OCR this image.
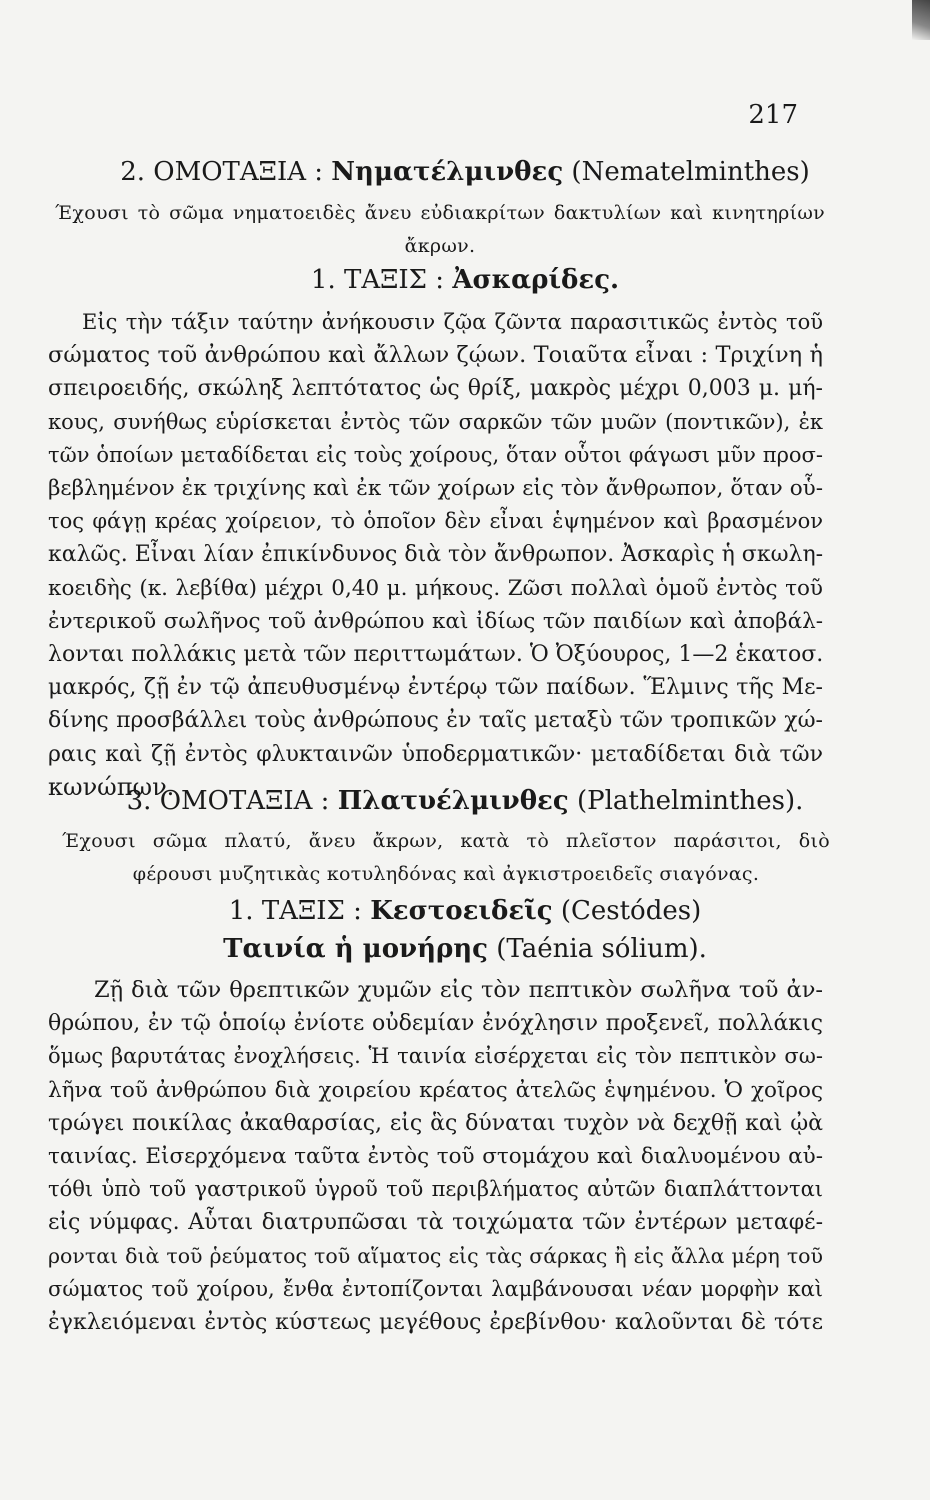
217
2. ΟΜΟΤΑΞΙΑ : Νηματέλμινθες (Nematelminthes)
Έχουσι τὸ σῶμα νηματοειδὲς ἄνευ εὐδιακρίτων δακτυλίων καὶ κινητηρίων
ἄκρων.
1. ΤΑΞΙΣ : Ἀσκαρίδες.
Εἰς τὴν τάξιν ταύτην ἀνήκουσιν ζῷα ζῶντα παρασιτικῶς ἐντὸς τοῦ
σώματος τοῦ ἀνθρώπου καὶ ἄλλων ζῴων. Τοιαῦτα εἶναι : Τριχίνη ἡ
σπειροειδής, σκώληξ λεπτότατος ὡς θρίξ, μακρὸς μέχρι 0,003 μ. μή-
κους, συνήθως εὑρίσκεται ἐντὸς τῶν σαρκῶν τῶν μυῶν (ποντικῶν), ἐκ
τῶν ὁποίων μεταδίδεται εἰς τοὺς χοίρους, ὅταν οὗτοι φάγωσι μῦν προσ-
βεβλημένον ἐκ τριχίνης καὶ ἐκ τῶν χοίρων εἰς τὸν ἄνθρωπον, ὅταν οὗ-
τος φάγῃ κρέας χοίρειον, τὸ ὁποῖον δὲν εἶναι ἑψημένον καὶ βρασμένον
καλῶς. Εἶναι λίαν ἐπικίνδυνος διὰ τὸν ἄνθρωπον. Ἀσκαρὶς ἡ σκωλη-
κοειδὴς (κ. λεβίθα) μέχρι 0,40 μ. μήκους. Ζῶσι πολλαὶ ὁμοῦ ἐντὸς τοῦ
ἐντερικοῦ σωλῆνος τοῦ ἀνθρώπου καὶ ἰδίως τῶν παιδίων καὶ ἀποβάλ-
λονται πολλάκις μετὰ τῶν περιττωμάτων. Ὁ Ὀξύουρος, 1—2 ἑκατοσ.
μακρός, ζῇ ἐν τῷ ἀπευθυσμένῳ ἐντέρῳ τῶν παίδων. Ἕλμινς τῆς Με-
δίνης προσβάλλει τοὺς ἀνθρώπους ἐν ταῖς μεταξὺ τῶν τροπικῶν χώ-
ραις καὶ ζῇ ἐντὸς φλυκταινῶν ὑποδερματικῶν· μεταδίδεται διὰ τῶν
κωνώπων.
3. ΟΜΟΤΑΞΙΑ : Πλατυέλμινθες (Plathelminthes).
Έχουσι σῶμα πλατύ, ἄνευ ἄκρων, κατὰ τὸ πλεῖστον παράσιτοι, διὸ
φέρουσι μυζητικὰς κοτυληδόνας καὶ ἀγκιστροειδεῖς σιαγόνας.
1. ΤΑΞΙΣ : Κεστοειδεῖς (Cestódes)
Ταινία ἡ μονήρης (Taénia sólium).
Ζῇ διὰ τῶν θρεπτικῶν χυμῶν εἰς τὸν πεπτικὸν σωλῆνα τοῦ ἀν-
θρώπου, ἐν τῷ ὁποίῳ ἐνίοτε οὐδεμίαν ἐνόχλησιν προξενεῖ, πολλάκις
ὅμως βαρυτάτας ἐνοχλήσεις. Ἡ ταινία εἰσέρχεται εἰς τὸν πεπτικὸν σω-
λῆνα τοῦ ἀνθρώπου διὰ χοιρείου κρέατος ἀτελῶς ἑψημένου. Ὁ χοῖρος
τρώγει ποικίλας ἀκαθαρσίας, εἰς ἃς δύναται τυχὸν νὰ δεχθῇ καὶ ᾠὰ
ταινίας. Εἰσερχόμενα ταῦτα ἐντὸς τοῦ στομάχου καὶ διαλυομένου αὐ-
τόθι ὑπὸ τοῦ γαστρικοῦ ὑγροῦ τοῦ περιβλήματος αὐτῶν διαπλάττονται
εἰς νύμφας. Αὗται διατρυπῶσαι τὰ τοιχώματα τῶν ἐντέρων μεταφέ-
ρονται διὰ τοῦ ῥεύματος τοῦ αἵματος εἰς τὰς σάρκας ἢ εἰς ἄλλα μέρη τοῦ
σώματος τοῦ χοίρου, ἔνθα ἐντοπίζονται λαμβάνουσαι νέαν μορφὴν καὶ
ἐγκλειόμεναι ἐντὸς κύστεως μεγέθους ἐρεβίνθου· καλοῦνται δὲ τότε
